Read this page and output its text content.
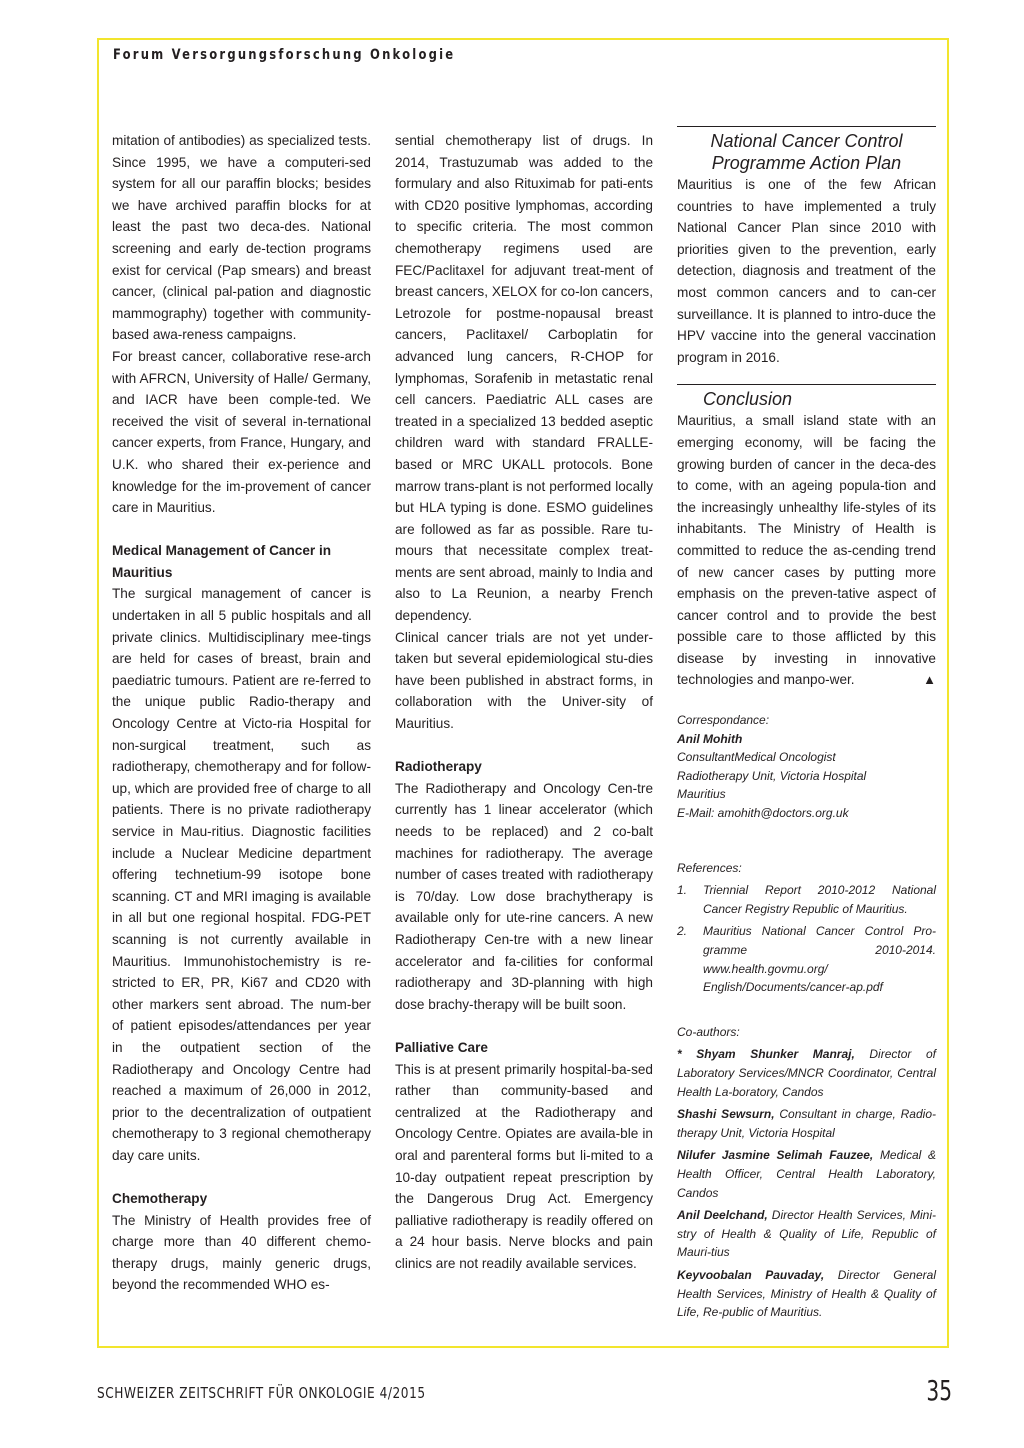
Forum Versorgungsforschung Onkologie

mitation of antibodies) as specialized tests. Since 1995, we have a computeri-sed system for all our paraffin blocks; besides we have archived paraffin blocks for at least the past two deca-des. National screening and early de-tection programs exist for cervical (Pap smears) and breast cancer, (clinical pal-pation and diagnostic mammography) together with community-based awa-reness campaigns.

For breast cancer, collaborative rese-arch with AFRCN, University of Halle/ Germany, and IACR have been comple-ted. We received the visit of several in-ternational cancer experts, from France, Hungary, and U.K. who shared their ex-perience and knowledge for the im-provement of cancer care in Mauritius.

Medical Management of Cancer in Mauritius

The surgical management of cancer is undertaken in all 5 public hospitals and all private clinics. Multidisciplinary mee-tings are held for cases of breast, brain and paediatric tumours. Patient are re-ferred to the unique public Radio-therapy and Oncology Centre at Victo-ria Hospital for non-surgical treatment, such as radiotherapy, chemotherapy and for follow-up, which are provided free of charge to all patients. There is no private radiotherapy service in Mau-ritius. Diagnostic facilities include a Nuclear Medicine department offering technetium-99 isotope bone scanning. CT and MRI imaging is available in all but one regional hospital. FDG-PET scanning is not currently available in Mauritius. Immunohistochemistry is re-stricted to ER, PR, Ki67 and CD20 with other markers sent abroad. The num-ber of patient episodes/attendances per year in the outpatient section of the Radiotherapy and Oncology Centre had reached a maximum of 26,000 in 2012, prior to the decentralization of outpatient chemotherapy to 3 regional chemotherapy day care units.

Chemotherapy

The Ministry of Health provides free of charge more than 40 different chemo-therapy drugs, mainly generic drugs, beyond the recommended WHO es-

sential chemotherapy list of drugs. In 2014, Trastuzumab was added to the formulary and also Rituximab for pati-ents with CD20 positive lymphomas, according to specific criteria. The most common chemotherapy regimens used are FEC/Paclitaxel for adjuvant treat-ment of breast cancers, XELOX for co-lon cancers, Letrozole for postme-nopausal breast cancers, Paclitaxel/ Carboplatin for advanced lung cancers, R-CHOP for lymphomas, Sorafenib in metastatic renal cell cancers. Paediatric ALL cases are treated in a specialized 13 bedded aseptic children ward with standard FRALLE- based or MRC UKALL protocols. Bone marrow trans-plant is not performed locally but HLA typing is done. ESMO guidelines are followed as far as possible. Rare tu-mours that necessitate complex treat-ments are sent abroad, mainly to India and also to La Reunion, a nearby French dependency.

Clinical cancer trials are not yet under-taken but several epidemiological stu-dies have been published in abstract forms, in collaboration with the Univer-sity of Mauritius.

Radiotherapy

The Radiotherapy and Oncology Cen-tre currently has 1 linear accelerator (which needs to be replaced) and 2 co-balt machines for radiotherapy. The average number of cases treated with radiotherapy is 70/day. Low dose brachytherapy is available only for ute-rine cancers. A new Radiotherapy Cen-tre with a new linear accelerator and fa-cilities for conformal radiotherapy and 3D-planning with high dose brachy-therapy will be built soon.

Palliative Care

This is at present primarily hospital-ba-sed rather than community-based and centralized at the Radiotherapy and Oncology Centre. Opiates are availa-ble in oral and parenteral forms but li-mited to a 10-day outpatient repeat prescription by the Dangerous Drug Act. Emergency palliative radiotherapy is readily offered on a 24 hour basis. Nerve blocks and pain clinics are not readily available services.

National Cancer Control Programme Action Plan

Mauritius is one of the few African countries to have implemented a truly National Cancer Plan since 2010 with priorities given to the prevention, early detection, diagnosis and treatment of the most common cancers and to can-cer surveillance. It is planned to intro-duce the HPV vaccine into the general vaccination program in 2016.

Conclusion

Mauritius, a small island state with an emerging economy, will be facing the growing burden of cancer in the deca-des to come, with an ageing popula-tion and the increasingly unhealthy life-styles of its inhabitants. The Ministry of Health is committed to reduce the as-cending trend of new cancer cases by putting more emphasis on the preven-tative aspect of cancer control and to provide the best possible care to those afflicted by this disease by investing in innovative technologies and manpo-wer.	▲

Correspondance:

Anil Mohith

ConsultantMedical Oncologist

Radiotherapy Unit, Victoria Hospital

Mauritius

E-Mail: amohith@doctors.org.uk

References:

1.	Triennial Report 2010-2012 National Cancer Registry Republic of Mauritius.
2.	Mauritius National Cancer Control Pro-gramme 2010-2014. www.health.govmu.org/ English/Documents/cancer-ap.pdf

Co-authors:

* Shyam Shunker Manraj, Director of Laboratory Services/MNCR Coordinator, Central Health La-boratory, Candos

Shashi Sewsurn, Consultant in charge, Radio-therapy Unit, Victoria Hospital

Nilufer Jasmine Selimah Fauzee, Medical & Health Officer, Central Health Laboratory, Candos

Anil Deelchand, Director Health Services, Mini-stry of Health & Quality of Life, Republic of Mauri-tius

Keyvoobalan Pauvaday, Director General Health Services, Ministry of Health & Quality of Life, Re-public of Mauritius.

SCHWEIZER ZEITSCHRIFT FÜR ONKOLOGIE 4/2015	35
